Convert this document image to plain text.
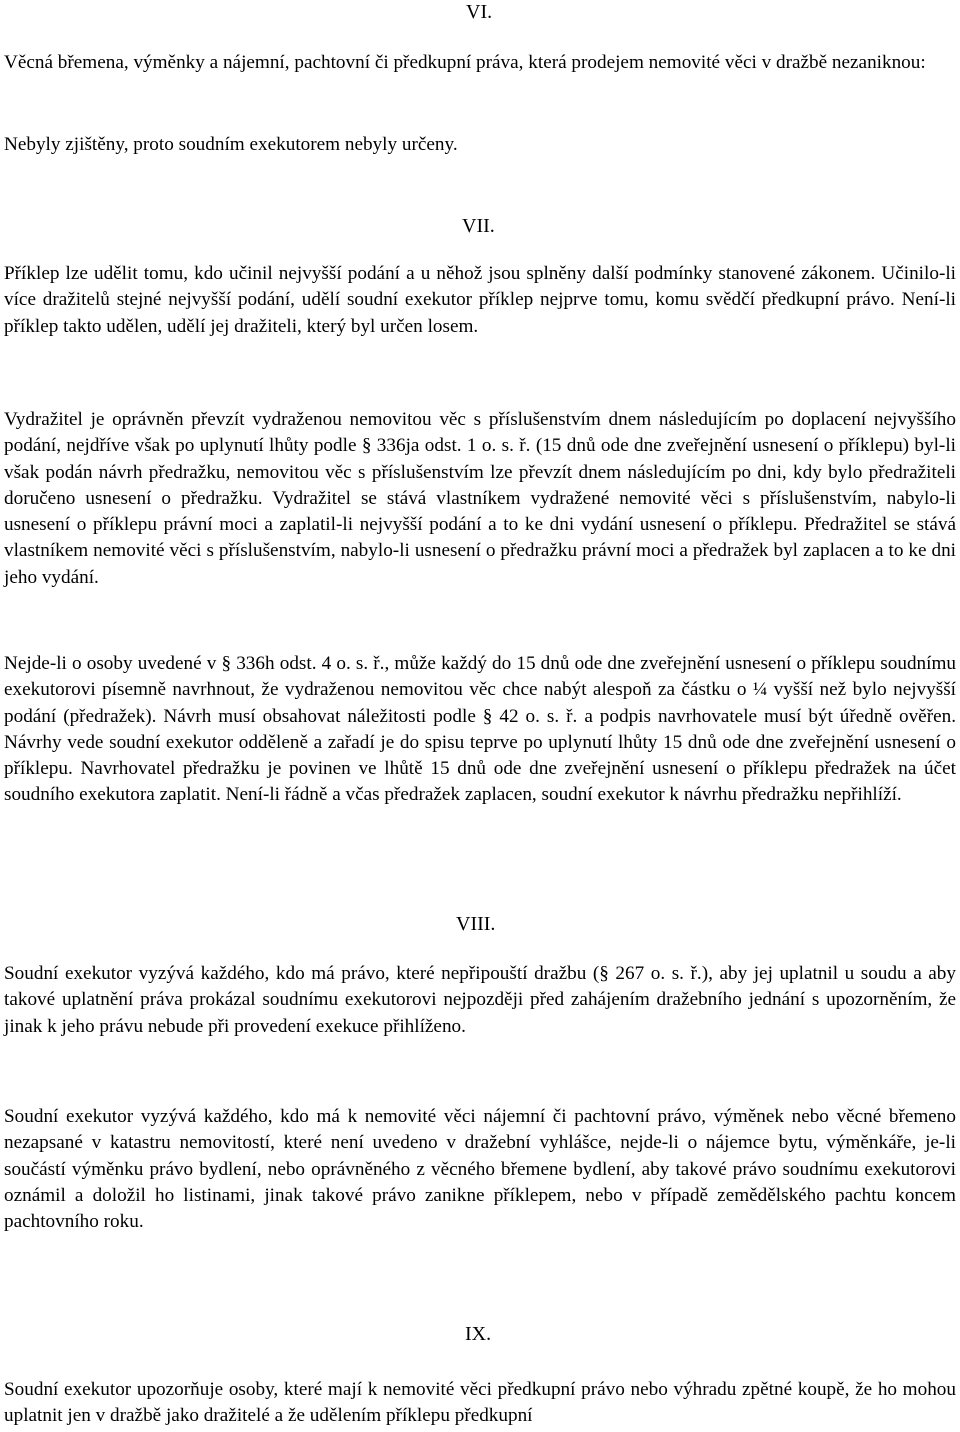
VI.

Věcná břemena, výměnky a nájemní, pachtovní či předkupní práva, která prodejem nemovité věci v dražbě nezaniknou:

Nebyly zjištěny, proto soudním exekutorem nebyly určeny.

VII.

Příklep lze udělit tomu, kdo učinil nejvyšší podání a u něhož jsou splněny další podmínky stanovené zákonem. Učinilo-li více dražitelů stejné nejvyšší podání, udělí soudní exekutor příklep nejprve tomu, komu svědčí předkupní právo. Není-li příklep takto udělen, udělí jej dražiteli, který byl určen losem.

Vydražitel je oprávněn převzít vydraženou nemovitou věc s příslušenstvím dnem následujícím po doplacení nejvyššího podání, nejdříve však po uplynutí lhůty podle § 336ja odst. 1 o. s. ř. (15 dnů ode dne zveřejnění usnesení o příklepu) byl-li však podán návrh předražku, nemovitou věc s příslušenstvím lze převzít dnem následujícím po dni, kdy bylo předražiteli doručeno usnesení o předražku. Vydražitel se stává vlastníkem vydražené nemovité věci s příslušenstvím, nabylo-li usnesení o příklepu právní moci a zaplatil-li nejvyšší podání a to ke dni vydání usnesení o příklepu. Předražitel se stává vlastníkem nemovité věci s příslušenstvím, nabylo-li usnesení o předražku právní moci a předražek byl zaplacen a to ke dni jeho vydání.

Nejde-li o osoby uvedené v § 336h odst. 4 o. s. ř., může každý do 15 dnů ode dne zveřejnění usnesení o příklepu soudnímu exekutorovi písemně navrhnout, že vydraženou nemovitou věc chce nabýt alespoň za částku o ¼ vyšší než bylo nejvyšší podání (předražek). Návrh musí obsahovat náležitosti podle § 42 o. s. ř. a podpis navrhovatele musí být úředně ověřen. Návrhy vede soudní exekutor odděleně a zařadí je do spisu teprve po uplynutí lhůty 15 dnů ode dne zveřejnění usnesení o příklepu. Navrhovatel předražku je povinen ve lhůtě 15 dnů ode dne zveřejnění usnesení o příklepu předražek na účet soudního exekutora zaplatit. Není-li řádně a včas předražek zaplacen, soudní exekutor k návrhu předražku nepřihlíží.

VIII.

Soudní exekutor vyzývá každého, kdo má právo, které nepřipouští dražbu (§ 267 o. s. ř.), aby jej uplatnil u soudu a aby takové uplatnění práva prokázal soudnímu exekutorovi nejpozději před zahájením dražebního jednání s upozorněním, že jinak k jeho právu nebude při provedení exekuce přihlíženo.

Soudní exekutor vyzývá každého, kdo má k nemovité věci nájemní či pachtovní právo, výměnek nebo věcné břemeno nezapsané v katastru nemovitostí, které není uvedeno v dražební vyhlášce, nejde-li o nájemce bytu, výměnkáře, je-li součástí výměnku právo bydlení, nebo oprávněného z věcného břemene bydlení, aby takové právo soudnímu exekutorovi oznámil a doložil ho listinami, jinak takové právo zanikne příklepem, nebo v případě zemědělského pachtu koncem pachtovního roku.

IX.

Soudní exekutor upozorňuje osoby, které mají k nemovité věci předkupní právo nebo výhradu zpětné koupě, že ho mohou uplatnit jen v dražbě jako dražitelé a že udělením příklepu předkupní
